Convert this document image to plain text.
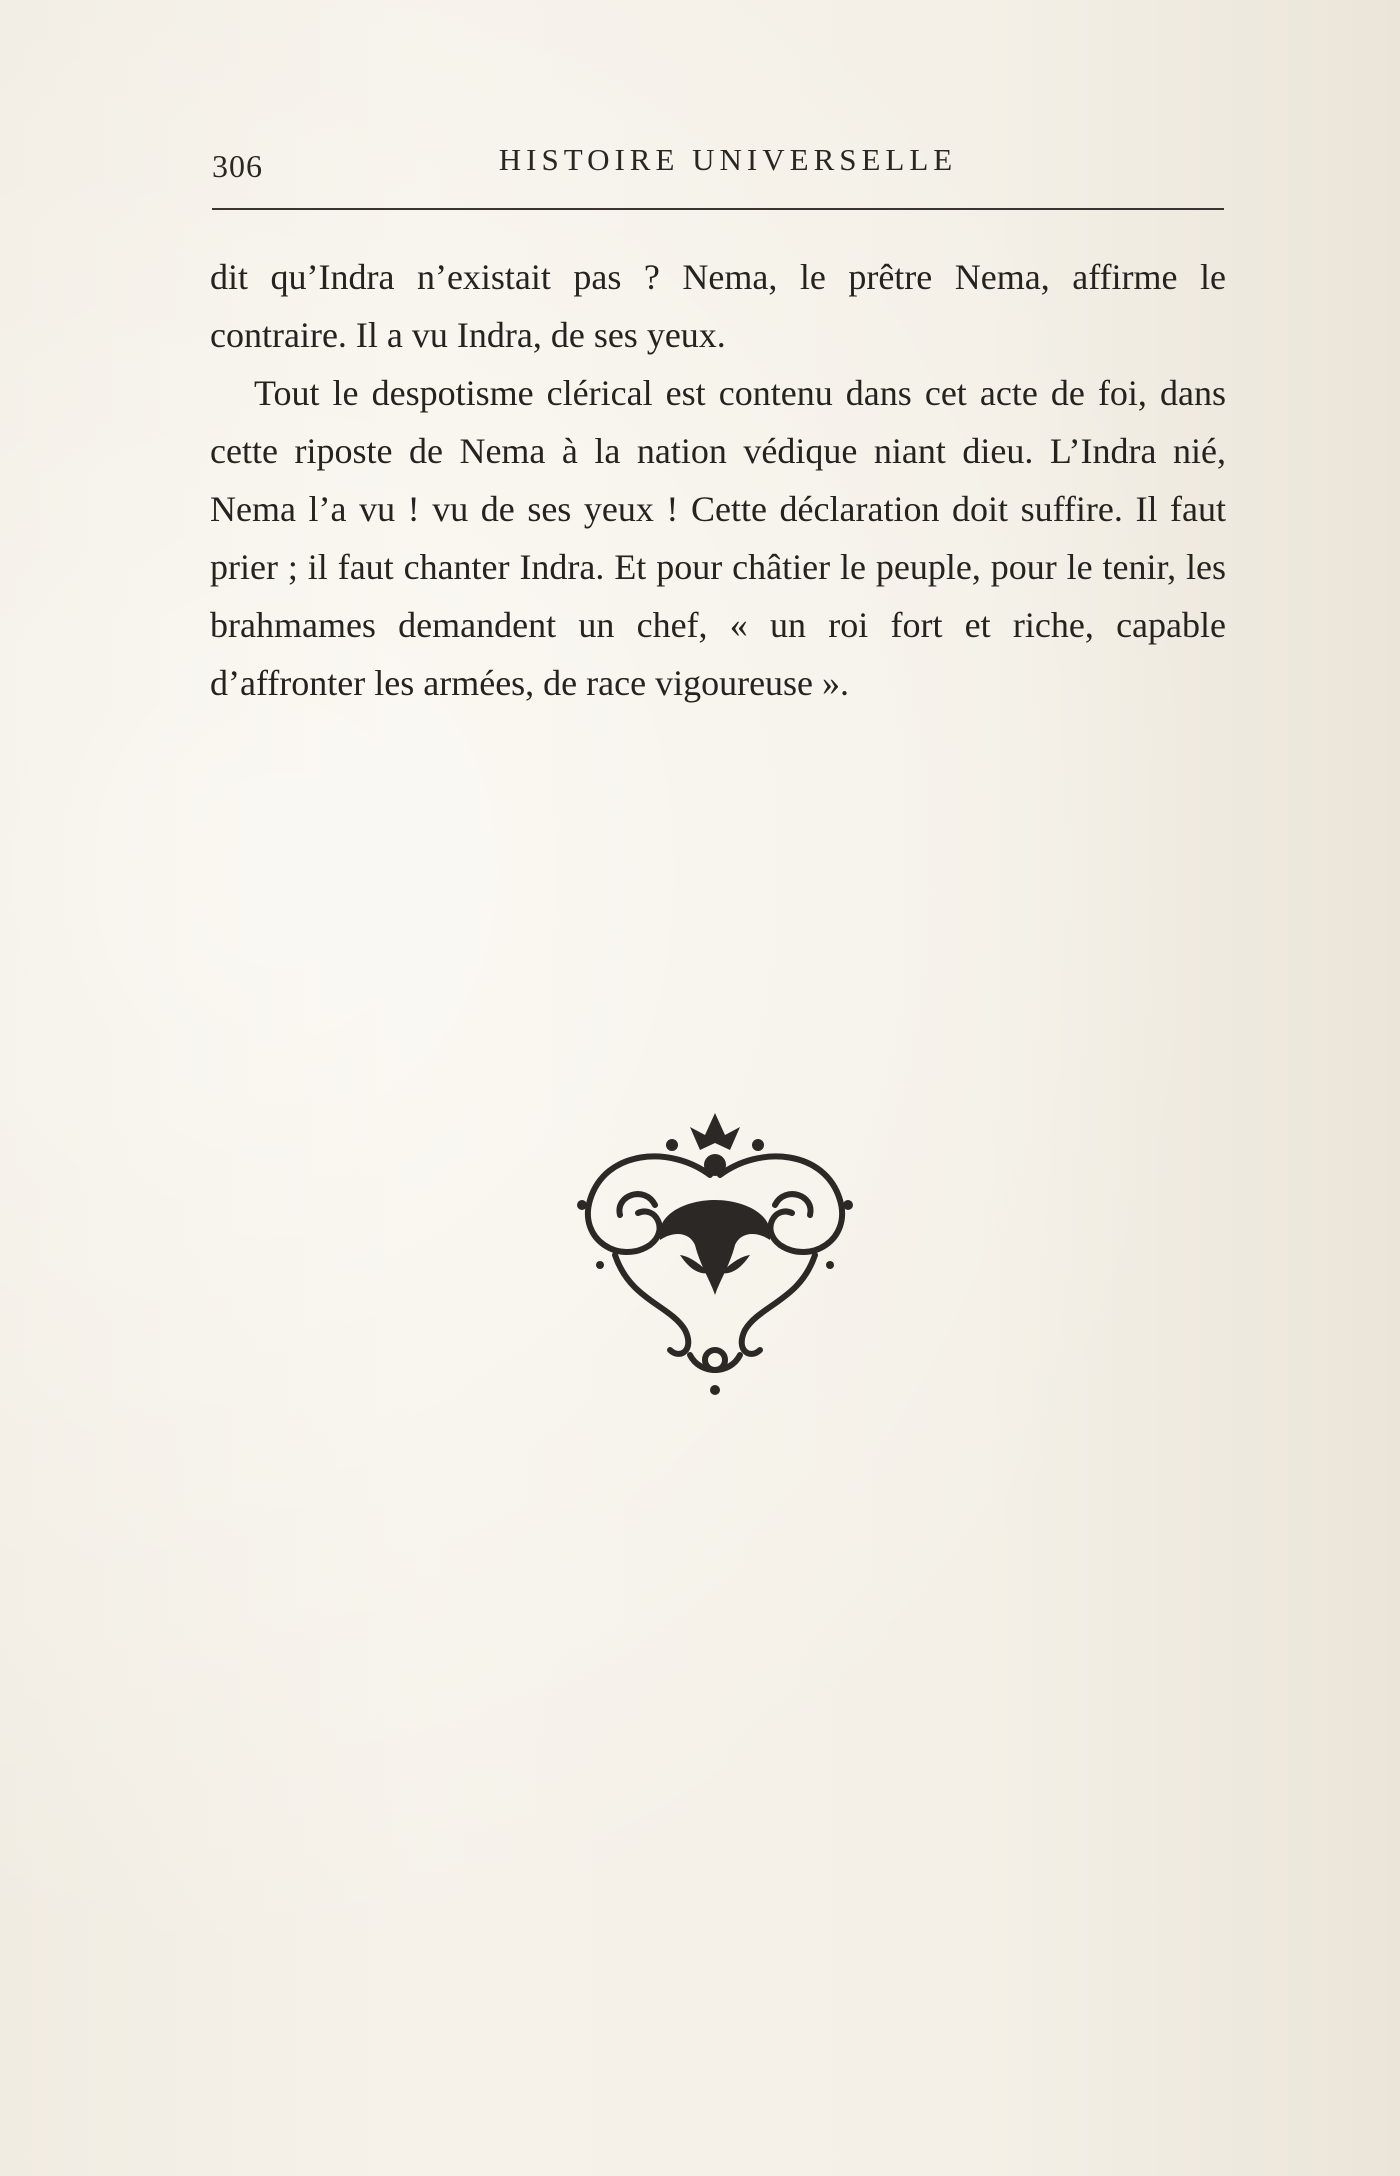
306	HISTOIRE UNIVERSELLE

dit qu’Indra n’existait pas ? Nema, le prêtre Nema, affirme le contraire. Il a vu Indra, de ses yeux.

Tout le despotisme clérical est contenu dans cet acte de foi, dans cette riposte de Nema à la nation védique niant dieu. L’Indra nié, Nema l’a vu ! vu de ses yeux ! Cette déclaration doit suffire. Il faut prier ; il faut chanter Indra. Et pour châtier le peuple, pour le tenir, les brahmames demandent un chef, « un roi fort et riche, capable d’affronter les armées, de race vigoureuse ».
